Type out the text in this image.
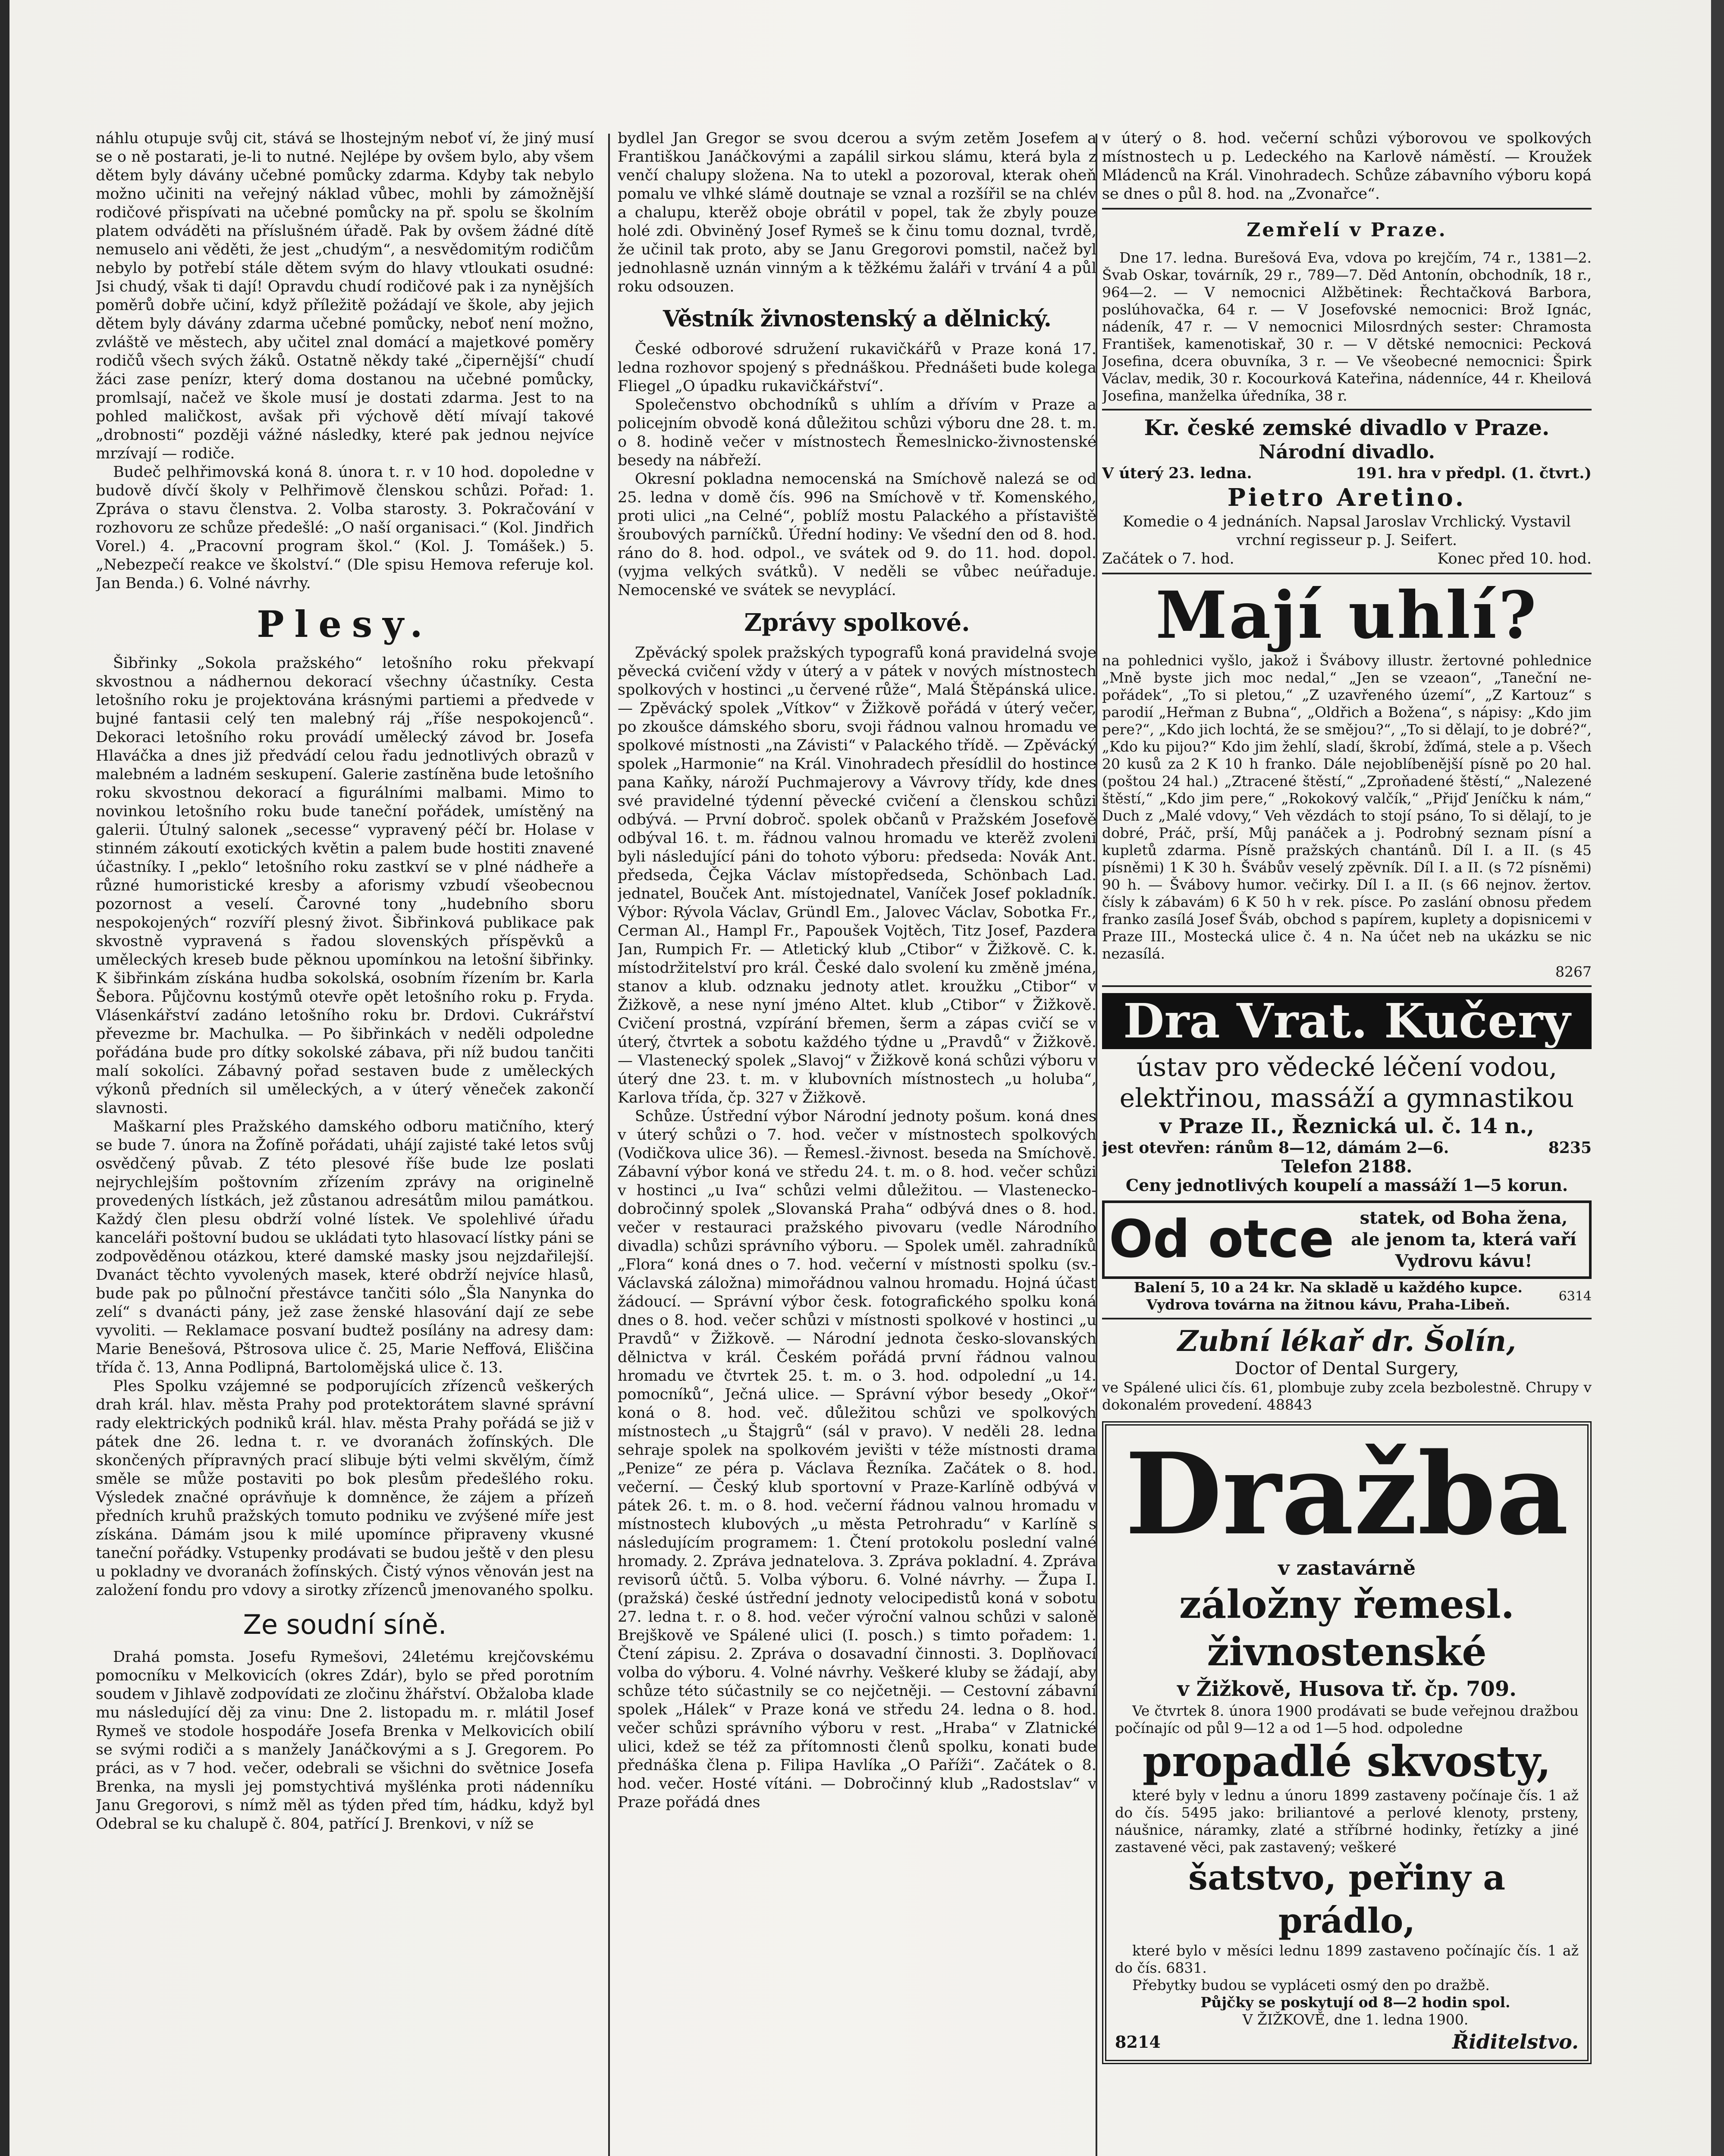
náhlu otupuje svůj cit, stává se lhostejným neboť ví, že jiný musí se o ně postarati, je-li to nutné. Nejlépe by ovšem bylo, aby všem dětem byly dávány učebné pomůcky zdarma. Kdyby tak nebylo možno učiniti na veřejný náklad vůbec, mohli by zámožnější rodičové přispívati na učebné pomůcky na př. spolu se školním platem odváděti na příslušném úřadě. Pak by ovšem žádné dítě nemuselo ani věděti, že jest „chudým“, a nesvědomitým rodičům nebylo by potřebí stále dětem svým do hlavy vtloukati osudné: Jsi chudý, však ti dají! Opravdu chudí rodičové pak i za nynějších poměrů dobře učiní, když příležitě požádají ve škole, aby jejich dětem byly dávány zdarma učebné pomůcky, neboť není možno, zvláště ve městech, aby učitel znal domácí a majetkové poměry rodičů všech svých žáků. Ostatně někdy také „čipernější“ chudí žáci zase penízr, který doma dostanou na učebné pomůcky, promlsají, načež ve škole musí je dostati zdarma. Jest to na pohled maličkost, avšak při výchově dětí mívají takové „drobnosti“ později vážné následky, které pak jednou nejvíce mrzívají — rodiče.

Budeč pelhřimovská koná 8. února t. r. v 10 hod. dopoledne v budově dívčí školy v Pelhřimově členskou schůzi. Pořad: 1. Zpráva o stavu členstva. 2. Volba starosty. 3. Pokračování v rozhovoru ze schůze předešlé: „O naší organisaci.“ (Kol. Jindřich Vorel.) 4. „Pracovní program škol.“ (Kol. J. Tomášek.) 5. „Nebezpečí reakce ve školství.“ (Dle spisu Hemova referuje kol. Jan Benda.) 6. Volné návrhy.

Plesy.

Šibřinky „Sokola pražského“ letošního roku překvapí skvostnou a nádhernou dekorací všechny účastníky. Cesta letošního roku je projektována krásnými partiemi a předvede v bujné fantasii celý ten malebný ráj „říše nespokojenců“. Dekoraci letošního roku provádí umělecký závod br. Josefa Hlaváčka a dnes již předvádí celou řadu jednotlivých obrazů v malebném a ladném seskupení. Galerie zastíněna bude letošního roku skvostnou dekorací a figurálními malbami. Mimo to novinkou letošního roku bude taneční pořádek, umístěný na galerii. Útulný salonek „secesse“ vypravený péčí br. Holase v stinném zákoutí exotických květin a palem bude hostiti znavené účastníky. I „peklo“ letošního roku zastkví se v plné nádheře a různé humoristické kresby a aforismy vzbudí všeobecnou pozornost a veselí. Čarovné tony „hudebního sboru nespokojených“ rozvíří plesný život. Šibřinková publikace pak skvostně vypravená s řadou slovenských příspěvků a uměleckých kreseb bude pěknou upomínkou na letošní šibřinky. K šibřinkám získána hudba sokolská, osobním řízením br. Karla Šebora. Půjčovnu kostýmů otevře opět letošního roku p. Fryda. Vlásenkářství zadáno letošního roku br. Drdovi. Cukrářství převezme br. Machulka. — Po šibřinkách v neděli odpoledne pořádána bude pro dítky sokolské zábava, při níž budou tančiti malí sokolíci. Zábavný pořad sestaven bude z uměleckých výkonů předních sil uměleckých, a v úterý věneček zakončí slavnosti.

Maškarní ples Pražského damského odboru matičního, který se bude 7. února na Žofíně pořádati, uhájí zajisté také letos svůj osvědčený půvab. Z této plesové říše bude lze poslati nejrychlejším poštovním zřízením zprávy na originelně provedených lístkách, jež zůstanou adresátům milou památkou. Každý člen plesu obdrží volné lístek. Ve spolehlivé úřadu kanceláři poštovní budou se ukládati tyto hlasovací lístky páni se zodpověděnou otázkou, které damské masky jsou nejzdařilejší. Dvanáct těchto vyvolených masek, které obdrží nejvíce hlasů, bude pak po půlnoční přestávce tančiti sólo „Šla Nanynka do zelí“ s dvanácti pány, jež zase ženské hlasování dají ze sebe vyvoliti. — Reklamace posvaní budtež posílány na adresy dam: Marie Benešová, Pštrosova ulice č. 25, Marie Neffová, Eliščina třída č. 13, Anna Podlipná, Bartolomějská ulice č. 13.

Ples Spolku vzájemné se podporujících zřízenců veškerých drah král. hlav. města Prahy pod protektorátem slavné správní rady elektrických podniků král. hlav. města Prahy pořádá se již v pátek dne 26. ledna t. r. ve dvoranách žofínských. Dle skončených přípravných prací slibuje býti velmi skvělým, čímž směle se může postaviti po bok plesům předešlého roku. Výsledek značné oprávňuje k domněnce, že zájem a přízeň předních kruhů pražských tomuto podniku ve zvýšené míře jest získána. Dámám jsou k milé upomínce připraveny vkusné taneční pořádky. Vstupenky prodávati se budou ještě v den plesu u pokladny ve dvoranách žofínských. Čistý výnos věnován jest na založení fondu pro vdovy a sirotky zřízenců jmenovaného spolku.

Ze soudní síně.

Drahá pomsta. Josefu Rymešovi, 24letému krejčovskému pomocníku v Melkovicích (okres Zdár), bylo se před porotním soudem v Jihlavě zodpovídati ze zločinu žhářství. Obžaloba klade mu následující děj za vinu: Dne 2. listopadu m. r. mlátil Josef Rymeš ve stodole hospodáře Josefa Brenka v Melkovicích obilí se svými rodiči a s manžely Janáčkovými a s J. Gregorem. Po práci, as v 7 hod. večer, odebrali se všichni do světnice Josefa Brenka, na mysli jej pomstychtivá myšlénka proti nádenníku Janu Gregorovi, s nímž měl as týden před tím, hádku, když byl Odebral se ku chalupě č. 804, patřící J. Brenkovi, v níž se

bydlel Jan Gregor se svou dcerou a svým zetěm Josefem a Františkou Janáčkovými a zapálil sirkou slámu, která byla z venčí chalupy složena. Na to utekl a pozoroval, kterak oheň pomalu ve vlhké slámě doutnaje se vznal a rozšířil se na chlév a chalupu, kterěž oboje obrátil v popel, tak že zbyly pouze holé zdi. Obviněný Josef Rymeš se k činu tomu doznal, tvrdě, že učinil tak proto, aby se Janu Gregorovi pomstil, načež byl jednohlasně uznán vinným a k těžkému žaláři v trvání 4 a půl roku odsouzen.

Věstník živnostenský a dělnický.

České odborové sdružení rukavičkářů v Praze koná 17. ledna rozhovor spojený s přednáškou. Přednášeti bude kolega Fliegel „O úpadku rukavičkářství“.

Společenstvo obchodníků s uhlím a dřívím v Praze a policejním obvodě koná důležitou schůzi výboru dne 28. t. m. o 8. hodině večer v místnostech Řemeslnicko-živnostenské besedy na nábřeží.

Okresní pokladna nemocenská na Smíchově nalezá se od 25. ledna v domě čís. 996 na Smíchově v tř. Komenského, proti ulici „na Celné“, poblíž mostu Palackého a přístaviště šroubových parníčků. Úřední hodiny: Ve všední den od 8. hod. ráno do 8. hod. odpol., ve svátek od 9. do 11. hod. dopol. (vyjma velkých svátků). V neděli se vůbec neúřaduje. Nemocenské ve svátek se nevyplácí.

Zprávy spolkové.

Zpěvácký spolek pražských typografů koná pravidelná svoje pěvecká cvičení vždy v úterý a v pátek v nových místnostech spolkových v hostinci „u červené růže“, Malá Štěpánská ulice. — Zpěvácký spolek „Vítkov“ v Žižkově pořádá v úterý večer, po zkoušce dámského sboru, svoji řádnou valnou hromadu ve spolkové místnosti „na Závisti“ v Palackého třídě. — Zpěvácký spolek „Harmonie“ na Král. Vinohradech přesídlil do hostince pana Kaňky, nároží Puchmajerovy a Vávrovy třídy, kde dnes své pravidelné týdenní pěvecké cvičení a členskou schůzi odbývá. — První dobroč. spolek občanů v Pražském Josefově odbýval 16. t. m. řádnou valnou hromadu ve kterěž zvoleni byli následující páni do tohoto výboru: předseda: Novák Ant. předseda, Čejka Václav místopředseda, Schönbach Lad. jednatel, Bouček Ant. místojednatel, Vaníček Josef pokladník. Výbor: Rývola Václav, Gründl Em., Jalovec Václav, Sobotka Fr., Cerman Al., Hampl Fr., Papoušek Vojtěch, Titz Josef, Pazdera Jan, Rumpich Fr. — Atletický klub „Ctibor“ v Žižkově. C. k. místodržitelství pro král. České dalo svolení ku změně jména, stanov a klub. odznaku jednoty atlet. kroužku „Ctibor“ v Žižkově, a nese nyní jméno Altet. klub „Ctibor“ v Žižkově. Cvičení prostná, vzpírání břemen, šerm a zápas cvičí se v úterý, čtvrtek a sobotu každého týdne u „Pravdů“ v Žižkově. — Vlastenecký spolek „Slavoj“ v Žižkově koná schůzi výboru v úterý dne 23. t. m. v klubovních místnostech „u holuba“, Karlova třída, čp. 327 v Žižkově.

Schůze. Ústřední výbor Národní jednoty pošum. koná dnes v úterý schůzi o 7. hod. večer v místnostech spolkových (Vodičkova ulice 36). — Řemesl.-živnost. beseda na Smíchově. Zábavní výbor koná ve středu 24. t. m. o 8. hod. večer schůzi v hostinci „u Iva“ schůzi velmi důležitou. — Vlastenecko-dobročinný spolek „Slovanská Praha“ odbývá dnes o 8. hod. večer v restauraci pražského pivovaru (vedle Národního divadla) schůzi správního výboru. — Spolek uměl. zahradníků „Flora“ koná dnes o 7. hod. večerní v místnosti spolku (sv.-Václavská záložna) mimořádnou valnou hromadu. Hojná účast žádoucí. — Správní výbor česk. fotografického spolku koná dnes o 8. hod. večer schůzi v místnosti spolkové v hostinci „u Pravdů“ v Žižkově. — Národní jednota česko-slovanských dělnictva v král. Českém pořádá první řádnou valnou hromadu ve čtvrtek 25. t. m. o 3. hod. odpolední „u 14. pomocníků“, Ječná ulice. — Správní výbor besedy „Okoř“ koná o 8. hod. več. důležitou schůzi ve spolkových místnostech „u Štajgrů“ (sál v pravo). V neděli 28. ledna sehraje spolek na spolkovém jevišti v téže místnosti drama „Penize“ ze péra p. Václava Řezníka. Začátek o 8. hod. večerní. — Český klub sportovní v Praze-Karlíně odbývá v pátek 26. t. m. o 8. hod. večerní řádnou valnou hromadu v místnostech klubových „u města Petrohradu“ v Karlíně s následujícím programem: 1. Čtení protokolu poslední valné hromady. 2. Zpráva jednatelova. 3. Zpráva pokladní. 4. Zpráva revisorů účtů. 5. Volba výboru. 6. Volné návrhy. — Župa I. (pražská) české ústřední jednoty velocipedistů koná v sobotu 27. ledna t. r. o 8. hod. večer výroční valnou schůzi v saloně Brejškově ve Spálené ulici (I. posch.) s timto pořadem: 1. Čtení zápisu. 2. Zpráva o dosavadní činnosti. 3. Doplňovací volba do výboru. 4. Volné návrhy. Veškeré kluby se žádají, aby schůze této súčastnily se co nejčetněji. — Cestovní zábavní spolek „Hálek“ v Praze koná ve středu 24. ledna o 8. hod. večer schůzi správního výboru v rest. „Hraba“ v Zlatnické ulici, kdež se též za přítomnosti členů spolku, konati bude přednáška člena p. Filipa Havlíka „O Paříži“. Začátek o 8. hod. večer. Hosté vítáni. — Dobročinný klub „Radostslav“ v Praze pořádá dnes

v úterý o 8. hod. večerní schůzi výborovou ve spolkových místnostech u p. Ledeckého na Karlově náměstí. — Kroužek Mládenců na Král. Vinohradech. Schůze zábavního výboru kopá se dnes o půl 8. hod. na „Zvonařce“.

Zemřelí v Praze.

Dne 17. ledna. Burešová Eva, vdova po krejčím, 74 r., 1381—2. Švab Oskar, továrník, 29 r., 789—7. Děd Antonín, obchodník, 18 r., 964—2. — V nemocnici Alžbětinek: Řechtačková Barbora, poslúhovačka, 64 r. — V Josefovské nemocnici: Brož Ignác, nádeník, 47 r. — V nemocnici Milosrdných sester: Chramosta František, kamenotiskař, 30 r. — V dětské nemocnici: Pecková Josefina, dcera obuvníka, 3 r. — Ve všeobecné nemocnici: Špirk Václav, medik, 30 r. Kocourková Kateřina, nádenníce, 44 r. Kheilová Josefina, manželka úředníka, 38 r.

Kr. české zemské divadlo v Praze.
Národní divadlo.
V úterý 23. ledna.	191. hra v předpl. (1. čtvrt.)
Pietro Aretino.
Komedie o 4 jednáních. Napsal Jaroslav Vrchlický. Vystavil vrchní regisseur p. J. Seifert.
Začátek o 7. hod.	Konec před 10. hod.
Mají uhlí?

na pohlednici vyšlo, jakož i Švábovy illustr. žertovné pohlednice „Mně byste jich moc nedal,“ „Jen se vzeaon“, „Taneční ne-pořádek“, „To si pletou,“ „Z uzavřeného území“, „Z Kartouz“ s parodií „Heřman z Bubna“, „Oldřich a Božena“, s nápisy: „Kdo jim pere?“, „Kdo jich lochtá, že se smějou?“, „To si dělají, to je dobré?“, „Kdo ku pijou?“ Kdo jim žehlí, sladí, škrobí, žďímá, stele a p. Všech 20 kusů za 2 K 10 h franko. Dále nejoblíbenější písně po 20 hal. (poštou 24 hal.) „Ztracené štěstí,“ „Zproňadené štěstí,“ „Nalezené štěstí,“ „Kdo jim pere,“ „Rokokový valčík,“ „Přijď Jeníčku k nám,“ Duch z „Malé vdovy,“ Veh vězdách to stojí psáno, To si dělají, to je dobré, Práč, prší, Můj panáček a j. Podrobný seznam písní a kupletů zdarma. Písně pražských chantánů. Díl I. a II. (s 45 písněmi) 1 K 30 h. Švábův veselý zpěvník. Díl I. a II. (s 72 písněmi) 90 h. — Švábovy humor. večirky. Díl I. a II. (s 66 nejnov. žertov. čísly k zábavám) 6 K 50 h v rek. písce. Po zaslání obnosu předem franko zasílá Josef Šváb, obchod s papírem, kuplety a dopisnicemi v Praze III., Mostecká ulice č. 4 n. Na účet neb na ukázku se nic nezasílá.

8267
Dra Vrat. Kučery
ústav pro vědecké léčení vodou,
elektřinou, massáží a gymnastikou
v Praze II., Řeznická ul. č. 14 n.,
jest otevřen: ránům 8—12, dámám 2—6.	8235
Telefon 2188.
Ceny jednotlivých koupelí a massáží 1—5 korun.
Od otce	statek, od Boha žena, ale jenom ta, která vaří Vydrovu kávu!
Balení 5, 10 a 24 kr. Na skladě u každého kupce. Vydrova továrna na žitnou kávu, Praha-Libeň.	6314
Zubní lékař dr. Šolín,
Doctor of Dental Surgery,
ve Spálené ulici čís. 61, plombuje zuby zcela bezbolestně. Chrupy v dokonalém provedení. 48843
Dražba
v zastavárně
záložny řemesl. živnostenské
v Žižkově, Husova tř. čp. 709.

Ve čtvrtek 8. února 1900 prodávati se bude veřejnou dražbou počínajíc od půl 9—12 a od 1—5 hod. odpoledne

propadlé skvosty,

které byly v lednu a únoru 1899 zastaveny počínaje čís. 1 až do čís. 5495 jako: briliantové a perlové klenoty, prsteny, náušnice, náramky, zlaté a stříbrné hodinky, řetízky a jiné zastavené věci, pak zastavený; veškeré

šatstvo, peřiny a prádlo,

které bylo v měsíci lednu 1899 zastaveno počínajíc čís. 1 až do čís. 6831.

Přebytky budou se vypláceti osmý den po dražbě.

Půjčky se poskytují od 8—2 hodin spol.

V ŽIŽKOVĚ, dne 1. ledna 1900.

8214	Řiditelstvo.
